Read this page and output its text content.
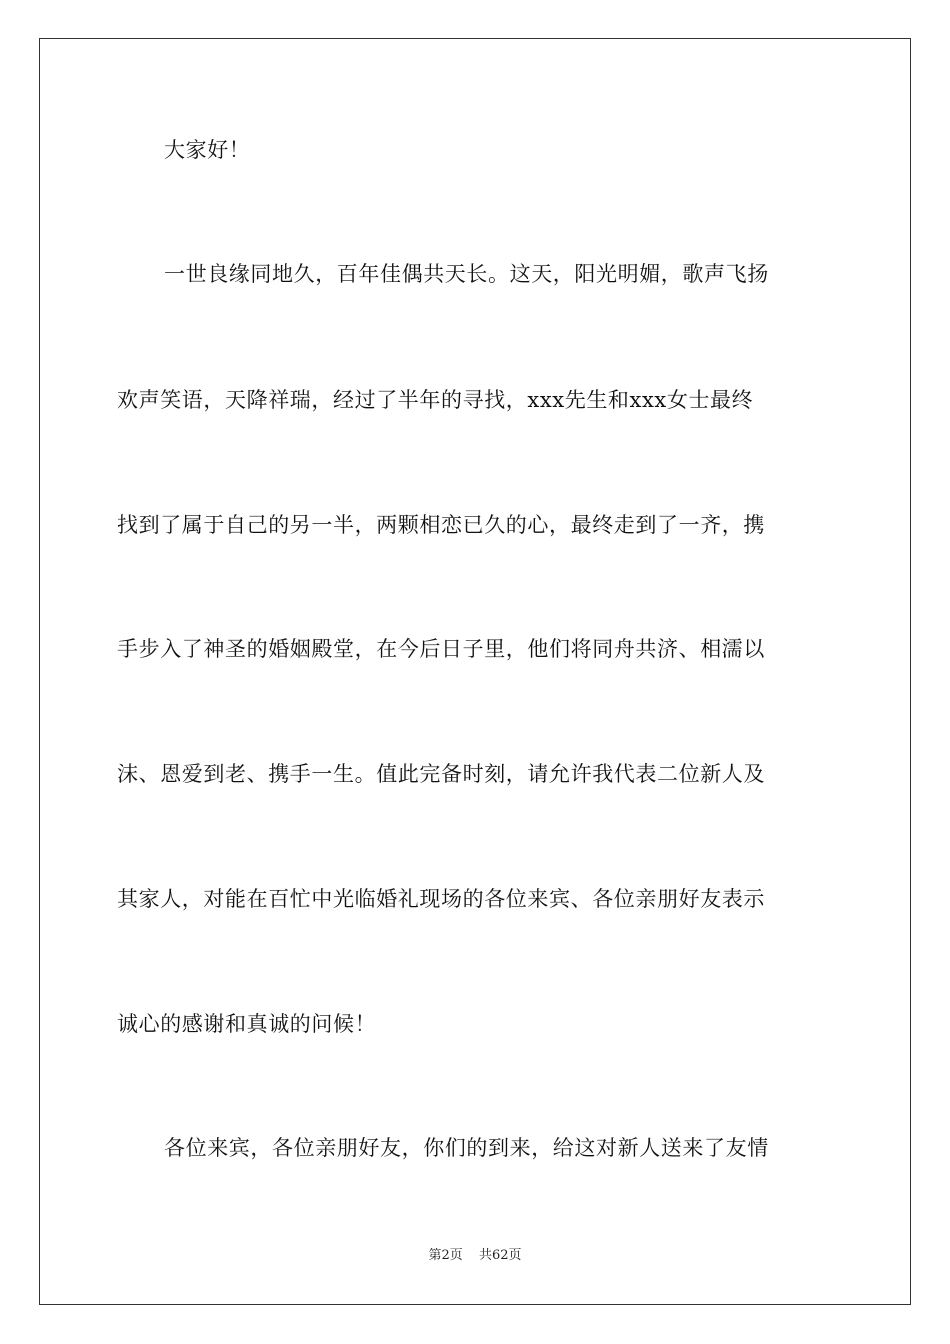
大家好！
一世良缘同地久，百年佳偶共天长。这天，阳光明媚，歌声飞扬
欢声笑语，天降祥瑞，经过了半年的寻找，xxx先生和xxx女士最终
找到了属于自己的另一半，两颗相恋已久的心，最终走到了一齐，携
手步入了神圣的婚姻殿堂，在今后日子里，他们将同舟共济、相濡以
沫、恩爱到老、携手一生。值此完备时刻，请允许我代表二位新人及
其家人，对能在百忙中光临婚礼现场的各位来宾、各位亲朋好友表示
诚心的感谢和真诚的问候！
各位来宾，各位亲朋好友，你们的到来，给这对新人送来了友情
第2页 共62页
